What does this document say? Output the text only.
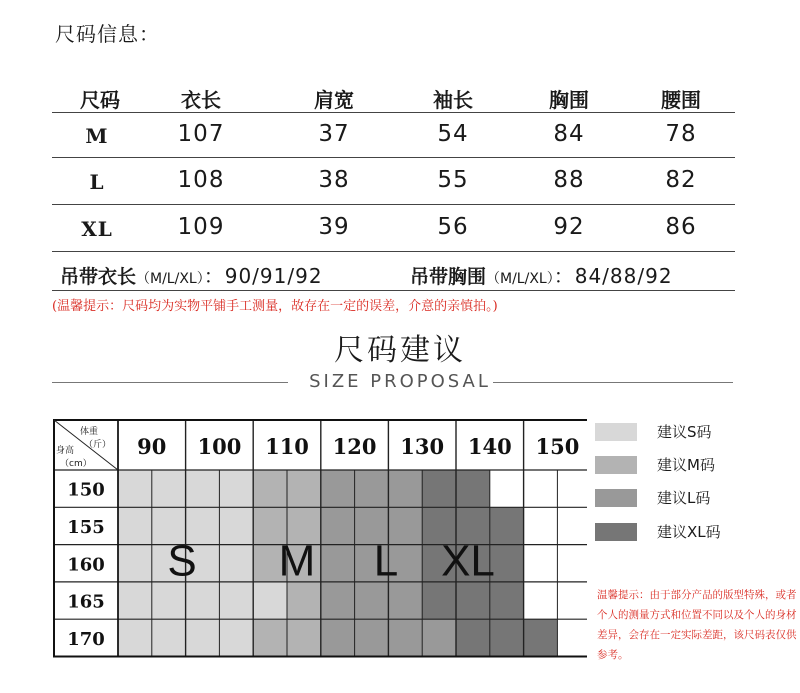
尺码信息：
尺码	衣长	肩宽	袖长	胸围	腰围
M	107	37	54	84	78
L	108	38	55	88	82
XL	109	39	56	92	86
吊带衣长（M/L/XL）：90/91/92	吊带胸围（M/L/XL）：84/88/92
(温馨提示：尺码均为实物平铺手工测量，故存在一定的误差，介意的亲慎拍。)
尺码建议
SIZE PROPOSAL
体重
（斤）
身高
（cm）
90 100 110 120 130 140 150
150
155
160
165
170
S M L XL
建议S码
建议M码
建议L码
建议XL码
温馨提示：由于部分产品的版型特殊，或者个人的测量方式和位置不同以及个人的身材差异，会存在一定实际差距，该尺码表仅供参考。
